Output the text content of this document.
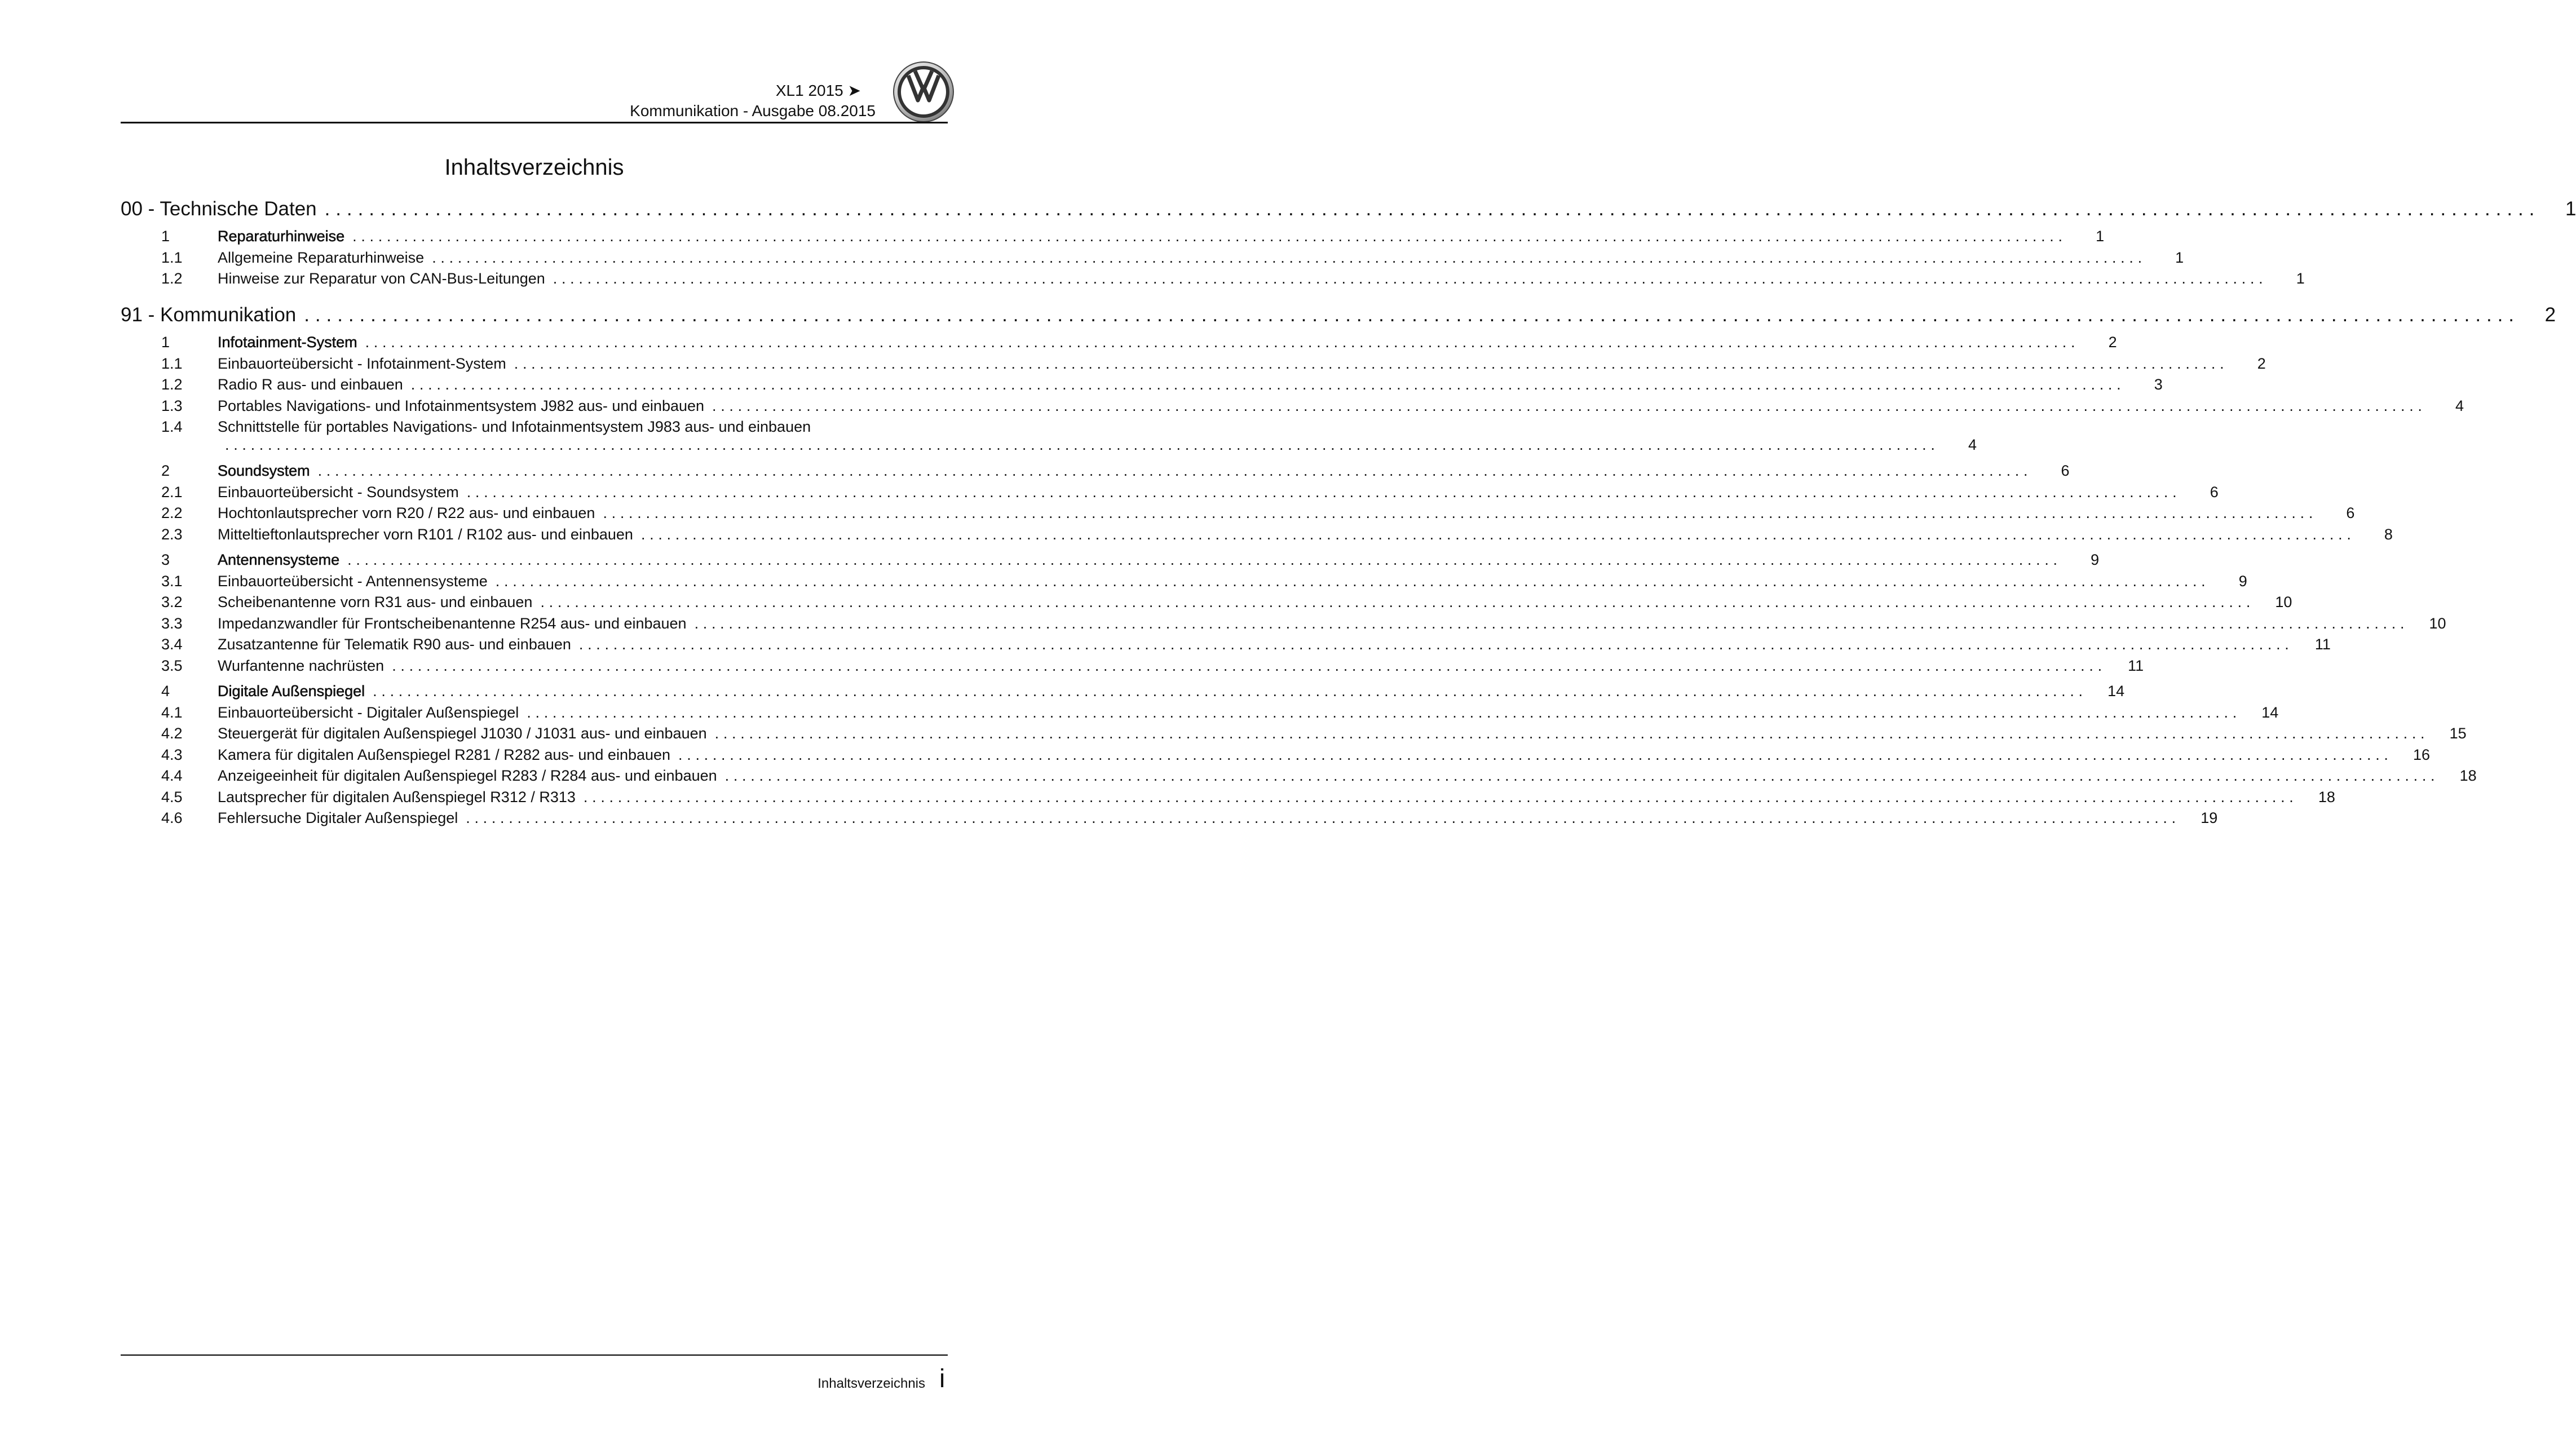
XL1 2015 ➤
Kommunikation - Ausgabe 08.2015
Inhaltsverzeichnis
00 - Technische Daten . . . . . . . . . . . . . . . . . . . . . . . . . . . . . . . . . . . . . . . . . . . . . . . . . . . . . . . . . . . . . . . . . . . . . . . . . . . . . . . . . . . . . . . . . . . . . . . . . . . . . . . . . . . . . . . . . . . . . . . . . . . . . . . . . . . . . . . . . . . . . . . . . . . . . . . . . . . . . . . . . . . . . . . . . . . . . . . . . . . . . . . . . . . . . . . . . . . . . . . .	1
1	Reparaturhinweise . . . . . . . . . . . . . . . . . . . . . . . . . . . . . . . . . . . . . . . . . . . . . . . . . . . . . . . . . . . . . . . . . . . . . . . . . . . . . . . . . . . . . . . . . . . . . . . . . . . . . . . . . . . . . . . . . . . . . . . . . . . . . . . . . . . . . . . . . . . . . . . . . . . . . . . . . . . . . . . . . . . . . . . . . . . . . . . . . . . . . . . . . . . . . . . . . . . . . . . .	1
1.1	Allgemeine Reparaturhinweise . . . . . . . . . . . . . . . . . . . . . . . . . . . . . . . . . . . . . . . . . . . . . . . . . . . . . . . . . . . . . . . . . . . . . . . . . . . . . . . . . . . . . . . . . . . . . . . . . . . . . . . . . . . . . . . . . . . . . . . . . . . . . . . . . . . . . . . . . . . . . . . . . . . . . . . . . . . . . . . . . . . . . . . . . . . . . . . . . . . . . . . . . . . . . . . . . . . . . . . .	1
1.2	Hinweise zur Reparatur von CAN-Bus-Leitungen . . . . . . . . . . . . . . . . . . . . . . . . . . . . . . . . . . . . . . . . . . . . . . . . . . . . . . . . . . . . . . . . . . . . . . . . . . . . . . . . . . . . . . . . . . . . . . . . . . . . . . . . . . . . . . . . . . . . . . . . . . . . . . . . . . . . . . . . . . . . . . . . . . . . . . . . . . . . . . . . . . . . . . . . . . . . . . . . . . . . . . . . . . . . . . . . . . . . . . . .	1
91 - Kommunikation . . . . . . . . . . . . . . . . . . . . . . . . . . . . . . . . . . . . . . . . . . . . . . . . . . . . . . . . . . . . . . . . . . . . . . . . . . . . . . . . . . . . . . . . . . . . . . . . . . . . . . . . . . . . . . . . . . . . . . . . . . . . . . . . . . . . . . . . . . . . . . . . . . . . . . . . . . . . . . . . . . . . . . . . . . . . . . . . . . . . . . . . . . . . . . . . . . . . . . . .	2
1	Infotainment-System . . . . . . . . . . . . . . . . . . . . . . . . . . . . . . . . . . . . . . . . . . . . . . . . . . . . . . . . . . . . . . . . . . . . . . . . . . . . . . . . . . . . . . . . . . . . . . . . . . . . . . . . . . . . . . . . . . . . . . . . . . . . . . . . . . . . . . . . . . . . . . . . . . . . . . . . . . . . . . . . . . . . . . . . . . . . . . . . . . . . . . . . . . . . . . . . . . . . . . . .	2
1.1	Einbauorteübersicht - Infotainment-System . . . . . . . . . . . . . . . . . . . . . . . . . . . . . . . . . . . . . . . . . . . . . . . . . . . . . . . . . . . . . . . . . . . . . . . . . . . . . . . . . . . . . . . . . . . . . . . . . . . . . . . . . . . . . . . . . . . . . . . . . . . . . . . . . . . . . . . . . . . . . . . . . . . . . . . . . . . . . . . . . . . . . . . . . . . . . . . . . . . . . . . . . . . . . . . . . . . . . . . .	2
1.2	Radio R aus- und einbauen . . . . . . . . . . . . . . . . . . . . . . . . . . . . . . . . . . . . . . . . . . . . . . . . . . . . . . . . . . . . . . . . . . . . . . . . . . . . . . . . . . . . . . . . . . . . . . . . . . . . . . . . . . . . . . . . . . . . . . . . . . . . . . . . . . . . . . . . . . . . . . . . . . . . . . . . . . . . . . . . . . . . . . . . . . . . . . . . . . . . . . . . . . . . . . . . . . . . . . . .	3
1.3	Portables Navigations- und Infotainmentsystem J982 aus- und einbauen . . . . . . . . . . . . . . . . . . . . . . . . . . . . . . . . . . . . . . . . . . . . . . . . . . . . . . . . . . . . . . . . . . . . . . . . . . . . . . . . . . . . . . . . . . . . . . . . . . . . . . . . . . . . . . . . . . . . . . . . . . . . . . . . . . . . . . . . . . . . . . . . . . . . . . . . . . . . . . . . . . . . . . . . . . . . . . . . . . . . . . . . . . . . . . . . . . . . . . . .	4
1.4	Schnittstelle für portables Navigations- und Infotainmentsystem J983 aus- und einbauen
. . . . . . . . . . . . . . . . . . . . . . . . . . . . . . . . . . . . . . . . . . . . . . . . . . . . . . . . . . . . . . . . . . . . . . . . . . . . . . . . . . . . . . . . . . . . . . . . . . . . . . . . . . . . . . . . . . . . . . . . . . . . . . . . . . . . . . . . . . . . . . . . . . . . . . . . . . . . . . . . . . . . . . . . . . . . . . . . . . . . . . . . . . . . . . . . . . . . . . . .	4
2	Soundsystem . . . . . . . . . . . . . . . . . . . . . . . . . . . . . . . . . . . . . . . . . . . . . . . . . . . . . . . . . . . . . . . . . . . . . . . . . . . . . . . . . . . . . . . . . . . . . . . . . . . . . . . . . . . . . . . . . . . . . . . . . . . . . . . . . . . . . . . . . . . . . . . . . . . . . . . . . . . . . . . . . . . . . . . . . . . . . . . . . . . . . . . . . . . . . . . . . . . . . . . .	6
2.1	Einbauorteübersicht - Soundsystem . . . . . . . . . . . . . . . . . . . . . . . . . . . . . . . . . . . . . . . . . . . . . . . . . . . . . . . . . . . . . . . . . . . . . . . . . . . . . . . . . . . . . . . . . . . . . . . . . . . . . . . . . . . . . . . . . . . . . . . . . . . . . . . . . . . . . . . . . . . . . . . . . . . . . . . . . . . . . . . . . . . . . . . . . . . . . . . . . . . . . . . . . . . . . . . . . . . . . . . .	6
2.2	Hochtonlautsprecher vorn R20 / R22 aus- und einbauen . . . . . . . . . . . . . . . . . . . . . . . . . . . . . . . . . . . . . . . . . . . . . . . . . . . . . . . . . . . . . . . . . . . . . . . . . . . . . . . . . . . . . . . . . . . . . . . . . . . . . . . . . . . . . . . . . . . . . . . . . . . . . . . . . . . . . . . . . . . . . . . . . . . . . . . . . . . . . . . . . . . . . . . . . . . . . . . . . . . . . . . . . . . . . . . . . . . . . . . .	6
2.3	Mitteltieftonlautsprecher vorn R101 / R102 aus- und einbauen . . . . . . . . . . . . . . . . . . . . . . . . . . . . . . . . . . . . . . . . . . . . . . . . . . . . . . . . . . . . . . . . . . . . . . . . . . . . . . . . . . . . . . . . . . . . . . . . . . . . . . . . . . . . . . . . . . . . . . . . . . . . . . . . . . . . . . . . . . . . . . . . . . . . . . . . . . . . . . . . . . . . . . . . . . . . . . . . . . . . . . . . . . . . . . . . . . . . . . . .	8
3	Antennensysteme . . . . . . . . . . . . . . . . . . . . . . . . . . . . . . . . . . . . . . . . . . . . . . . . . . . . . . . . . . . . . . . . . . . . . . . . . . . . . . . . . . . . . . . . . . . . . . . . . . . . . . . . . . . . . . . . . . . . . . . . . . . . . . . . . . . . . . . . . . . . . . . . . . . . . . . . . . . . . . . . . . . . . . . . . . . . . . . . . . . . . . . . . . . . . . . . . . . . . . . .	9
3.1	Einbauorteübersicht - Antennensysteme . . . . . . . . . . . . . . . . . . . . . . . . . . . . . . . . . . . . . . . . . . . . . . . . . . . . . . . . . . . . . . . . . . . . . . . . . . . . . . . . . . . . . . . . . . . . . . . . . . . . . . . . . . . . . . . . . . . . . . . . . . . . . . . . . . . . . . . . . . . . . . . . . . . . . . . . . . . . . . . . . . . . . . . . . . . . . . . . . . . . . . . . . . . . . . . . . . . . . . . .	9
3.2	Scheibenantenne vorn R31 aus- und einbauen . . . . . . . . . . . . . . . . . . . . . . . . . . . . . . . . . . . . . . . . . . . . . . . . . . . . . . . . . . . . . . . . . . . . . . . . . . . . . . . . . . . . . . . . . . . . . . . . . . . . . . . . . . . . . . . . . . . . . . . . . . . . . . . . . . . . . . . . . . . . . . . . . . . . . . . . . . . . . . . . . . . . . . . . . . . . . . . . . . . . . . . . . . . . . . . . . . . . . . . .	10
3.3	Impedanzwandler für Frontscheibenantenne R254 aus- und einbauen . . . . . . . . . . . . . . . . . . . . . . . . . . . . . . . . . . . . . . . . . . . . . . . . . . . . . . . . . . . . . . . . . . . . . . . . . . . . . . . . . . . . . . . . . . . . . . . . . . . . . . . . . . . . . . . . . . . . . . . . . . . . . . . . . . . . . . . . . . . . . . . . . . . . . . . . . . . . . . . . . . . . . . . . . . . . . . . . . . . . . . . . . . . . . . . . . . . . . . . .	10
3.4	Zusatzantenne für Telematik R90 aus- und einbauen . . . . . . . . . . . . . . . . . . . . . . . . . . . . . . . . . . . . . . . . . . . . . . . . . . . . . . . . . . . . . . . . . . . . . . . . . . . . . . . . . . . . . . . . . . . . . . . . . . . . . . . . . . . . . . . . . . . . . . . . . . . . . . . . . . . . . . . . . . . . . . . . . . . . . . . . . . . . . . . . . . . . . . . . . . . . . . . . . . . . . . . . . . . . . . . . . . . . . . . .	11
3.5	Wurfantenne nachrüsten . . . . . . . . . . . . . . . . . . . . . . . . . . . . . . . . . . . . . . . . . . . . . . . . . . . . . . . . . . . . . . . . . . . . . . . . . . . . . . . . . . . . . . . . . . . . . . . . . . . . . . . . . . . . . . . . . . . . . . . . . . . . . . . . . . . . . . . . . . . . . . . . . . . . . . . . . . . . . . . . . . . . . . . . . . . . . . . . . . . . . . . . . . . . . . . . . . . . . . . .	11
4	Digitale Außenspiegel . . . . . . . . . . . . . . . . . . . . . . . . . . . . . . . . . . . . . . . . . . . . . . . . . . . . . . . . . . . . . . . . . . . . . . . . . . . . . . . . . . . . . . . . . . . . . . . . . . . . . . . . . . . . . . . . . . . . . . . . . . . . . . . . . . . . . . . . . . . . . . . . . . . . . . . . . . . . . . . . . . . . . . . . . . . . . . . . . . . . . . . . . . . . . . . . . . . . . . . .	14
4.1	Einbauorteübersicht - Digitaler Außenspiegel . . . . . . . . . . . . . . . . . . . . . . . . . . . . . . . . . . . . . . . . . . . . . . . . . . . . . . . . . . . . . . . . . . . . . . . . . . . . . . . . . . . . . . . . . . . . . . . . . . . . . . . . . . . . . . . . . . . . . . . . . . . . . . . . . . . . . . . . . . . . . . . . . . . . . . . . . . . . . . . . . . . . . . . . . . . . . . . . . . . . . . . . . . . . . . . . . . . . . . . .	14
4.2	Steuergerät für digitalen Außenspiegel J1030 / J1031 aus- und einbauen . . . . . . . . . . . . . . . . . . . . . . . . . . . . . . . . . . . . . . . . . . . . . . . . . . . . . . . . . . . . . . . . . . . . . . . . . . . . . . . . . . . . . . . . . . . . . . . . . . . . . . . . . . . . . . . . . . . . . . . . . . . . . . . . . . . . . . . . . . . . . . . . . . . . . . . . . . . . . . . . . . . . . . . . . . . . . . . . . . . . . . . . . . . . . . . . . . . . . . . .	15
4.3	Kamera für digitalen Außenspiegel R281 / R282 aus- und einbauen . . . . . . . . . . . . . . . . . . . . . . . . . . . . . . . . . . . . . . . . . . . . . . . . . . . . . . . . . . . . . . . . . . . . . . . . . . . . . . . . . . . . . . . . . . . . . . . . . . . . . . . . . . . . . . . . . . . . . . . . . . . . . . . . . . . . . . . . . . . . . . . . . . . . . . . . . . . . . . . . . . . . . . . . . . . . . . . . . . . . . . . . . . . . . . . . . . . . . . . .	16
4.4	Anzeigeeinheit für digitalen Außenspiegel R283 / R284 aus- und einbauen . . . . . . . . . . . . . . . . . . . . . . . . . . . . . . . . . . . . . . . . . . . . . . . . . . . . . . . . . . . . . . . . . . . . . . . . . . . . . . . . . . . . . . . . . . . . . . . . . . . . . . . . . . . . . . . . . . . . . . . . . . . . . . . . . . . . . . . . . . . . . . . . . . . . . . . . . . . . . . . . . . . . . . . . . . . . . . . . . . . . . . . . . . . . . . . . . . . . . . . .	18
4.5	Lautsprecher für digitalen Außenspiegel R312 / R313 . . . . . . . . . . . . . . . . . . . . . . . . . . . . . . . . . . . . . . . . . . . . . . . . . . . . . . . . . . . . . . . . . . . . . . . . . . . . . . . . . . . . . . . . . . . . . . . . . . . . . . . . . . . . . . . . . . . . . . . . . . . . . . . . . . . . . . . . . . . . . . . . . . . . . . . . . . . . . . . . . . . . . . . . . . . . . . . . . . . . . . . . . . . . . . . . . . . . . . . .	18
4.6	Fehlersuche Digitaler Außenspiegel . . . . . . . . . . . . . . . . . . . . . . . . . . . . . . . . . . . . . . . . . . . . . . . . . . . . . . . . . . . . . . . . . . . . . . . . . . . . . . . . . . . . . . . . . . . . . . . . . . . . . . . . . . . . . . . . . . . . . . . . . . . . . . . . . . . . . . . . . . . . . . . . . . . . . . . . . . . . . . . . . . . . . . . . . . . . . . . . . . . . . . . . . . . . . . . . . . . . . . . .	19
Inhaltsverzeichnis i
